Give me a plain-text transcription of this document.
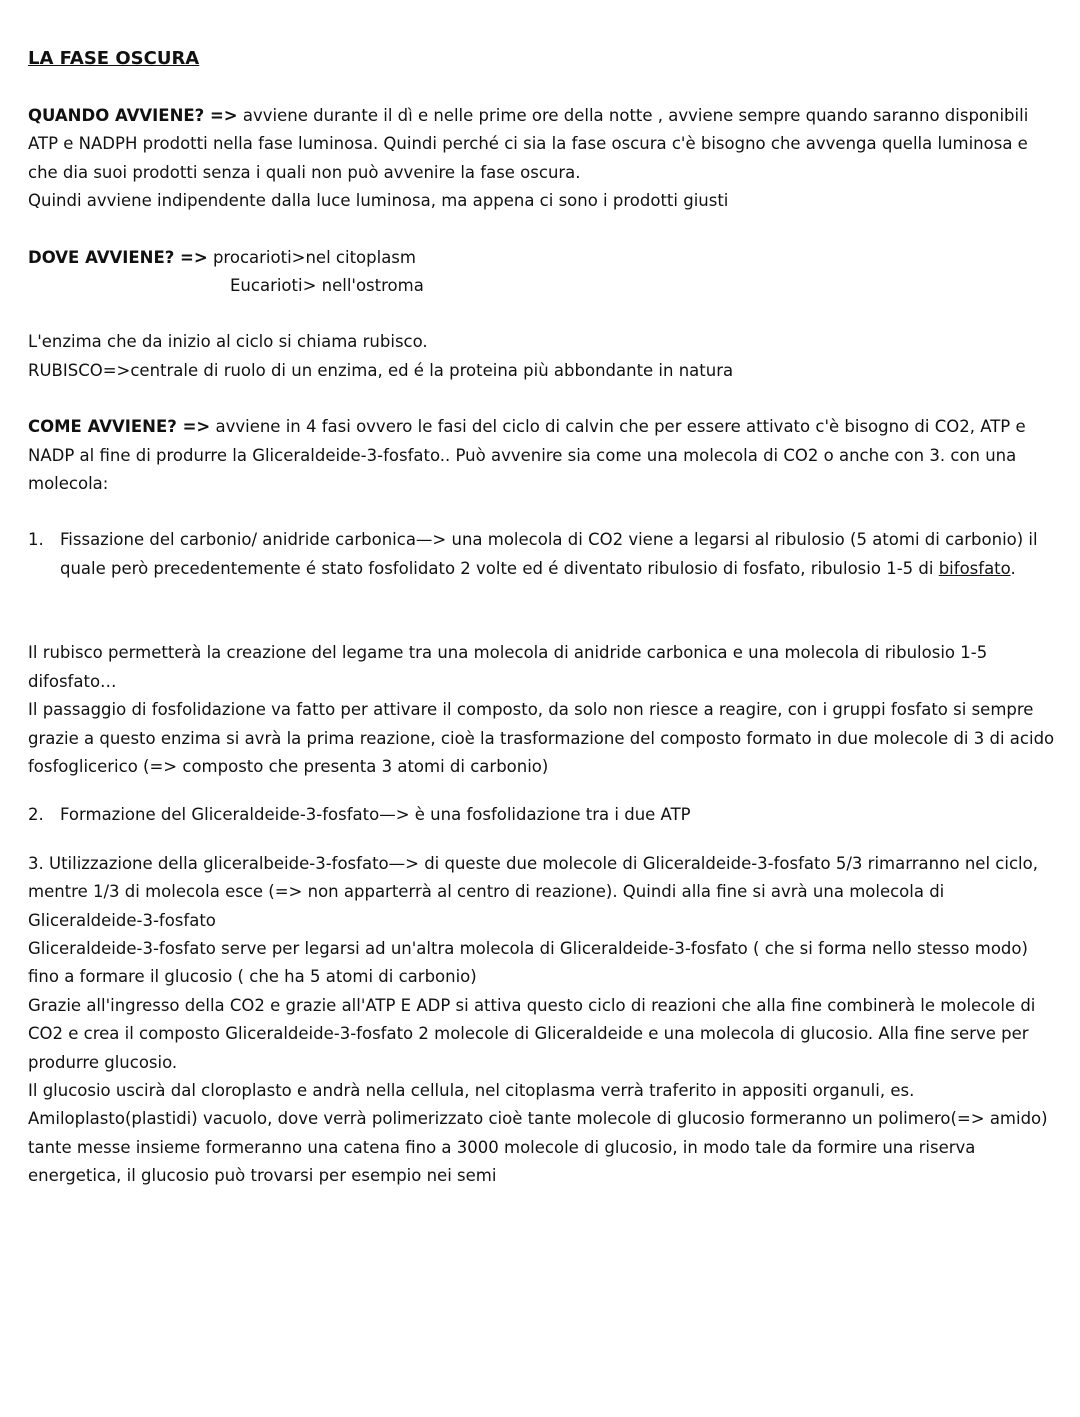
LA FASE OSCURA

QUANDO AVVIENE? => avviene durante il dì e nelle prime ore della notte , avviene sempre quando saranno disponibili ATP e NADPH prodotti nella fase luminosa. Quindi perché ci sia la fase oscura c'è bisogno che avvenga quella luminosa e che dia suoi prodotti senza i quali non può avvenire la fase oscura.

Quindi avviene indipendente dalla luce luminosa, ma appena ci sono i prodotti giusti

DOVE AVVIENE? => procarioti>nel citoplasm

Eucarioti> nell'ostroma

L'enzima che da inizio al ciclo si chiama rubisco.

RUBISCO=>centrale di ruolo di un enzima, ed é la proteina più abbondante in natura

COME AVVIENE? => avviene in 4 fasi ovvero le fasi del ciclo di calvin che per essere attivato c'è bisogno di CO2, ATP e NADP al fine di produrre la Gliceraldeide-3-fosfato.. Può avvenire sia come una molecola di CO2 o anche con 3. con una molecola:

1. Fissazione del carbonio/ anidride carbonica—> una molecola di CO2 viene a legarsi al ribulosio (5 atomi di carbonio) il quale però precedentemente é stato fosfolidato 2 volte ed é diventato ribulosio di fosfato, ribulosio 1-5 di bifosfato.

Il rubisco permetterà la creazione del legame tra una molecola di anidride carbonica e una molecola di ribulosio 1-5 difosfato…

Il passaggio di fosfolidazione va fatto per attivare il composto, da solo non riesce a reagire, con i gruppi fosfato si sempre grazie a questo enzima si avrà la prima reazione, cioè la trasformazione del composto formato in due molecole di 3 di acido fosfoglicerico (=> composto che presenta 3 atomi di carbonio)

2. Formazione del Gliceraldeide-3-fosfato—> è una fosfolidazione tra i due ATP

3. Utilizzazione della gliceralbeide-3-fosfato—> di queste due molecole di Gliceraldeide-3-fosfato 5/3 rimarranno nel ciclo, mentre 1/3 di molecola esce (=> non apparterrà al centro di reazione). Quindi alla fine si avrà una molecola di Gliceraldeide-3-fosfato

Gliceraldeide-3-fosfato serve per legarsi ad un'altra molecola di Gliceraldeide-3-fosfato ( che si forma nello stesso modo) fino a formare il glucosio ( che ha 5 atomi di carbonio)

Grazie all'ingresso della CO2 e grazie all'ATP E ADP si attiva questo ciclo di reazioni che alla fine combinerà le molecole di CO2 e crea il composto Gliceraldeide-3-fosfato 2 molecole di Gliceraldeide e una molecola di glucosio. Alla fine serve per produrre glucosio.

Il glucosio uscirà dal cloroplasto e andrà nella cellula, nel citoplasma verrà traferito in appositi organuli, es. Amiloplasto(plastidi) vacuolo, dove verrà polimerizzato cioè tante molecole di glucosio formeranno un polimero(=> amido) tante messe insieme formeranno una catena fino a 3000 molecole di glucosio, in modo tale da formire una riserva energetica, il glucosio può trovarsi per esempio nei semi
